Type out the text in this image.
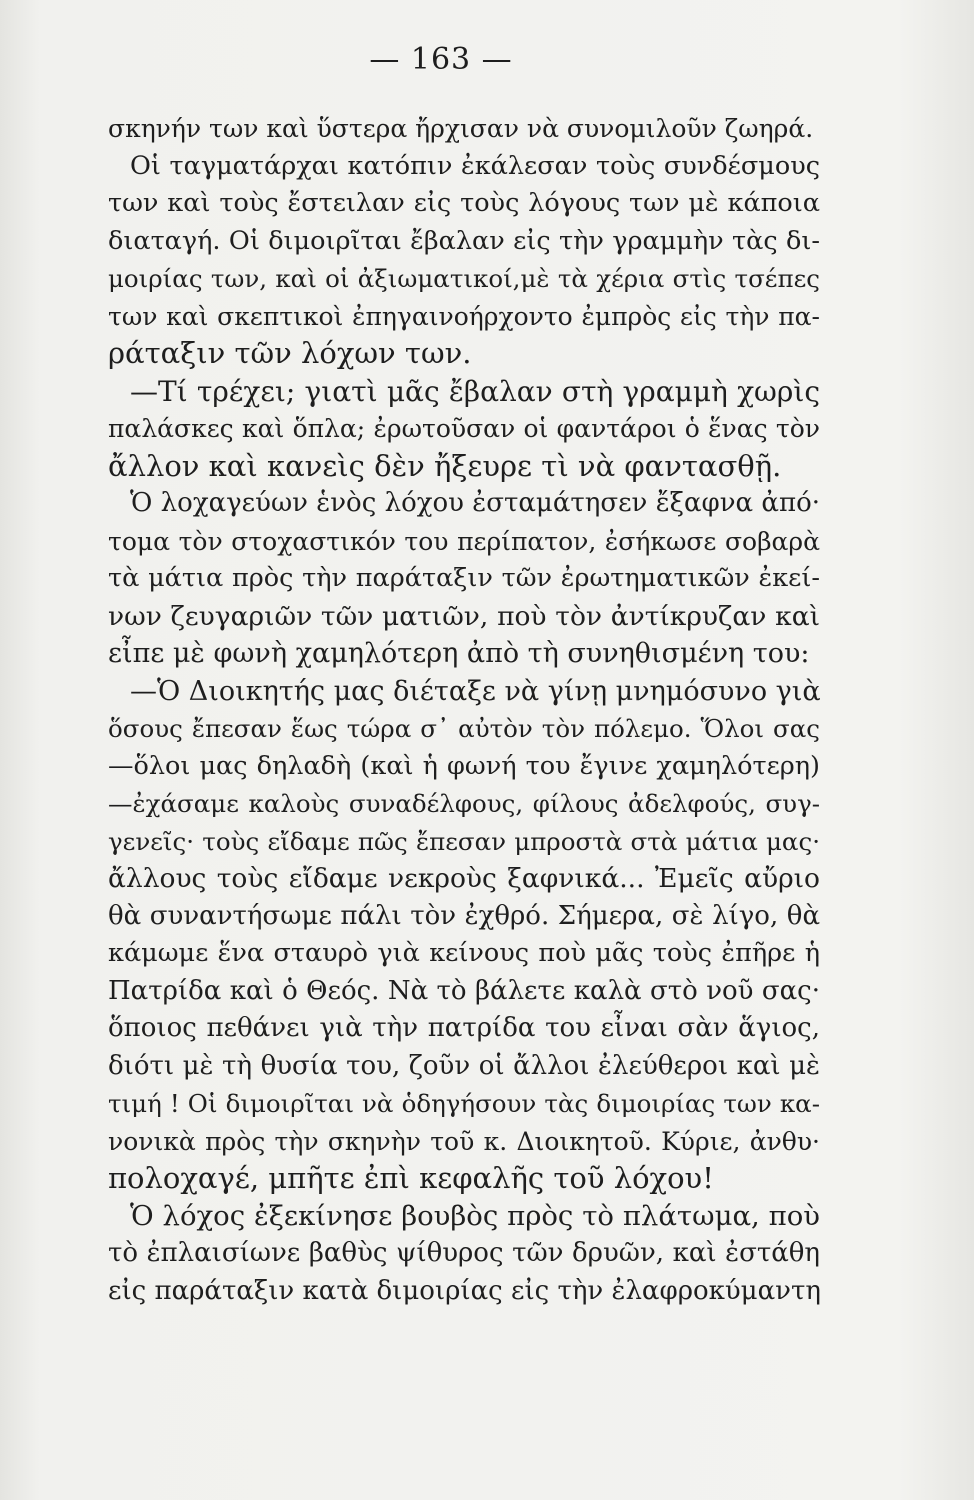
— 163 —
σκηνήν των καὶ ὕστερα ἤρχισαν νὰ συνομιλοῦν ζωηρά.
Οἱ ταγματάρχαι κατόπιν ἐκάλεσαν τοὺς συνδέσμους
των καὶ τοὺς ἔστειλαν εἰς τοὺς λόγους των μὲ κάποια
διαταγή. Οἱ διμοιρῖται ἔβαλαν εἰς τὴν γραμμὴν τὰς δι-
μοιρίας των, καὶ οἱ ἀξιωματικοί,μὲ τὰ χέρια στὶς τσέπες
των καὶ σκεπτικοὶ ἐπηγαινοήρχοντο ἐμπρὸς εἰς τὴν πα-
ράταξιν τῶν λόχων των.
—Τί τρέχει; γιατὶ μᾶς ἔβαλαν στὴ γραμμὴ χωρὶς
παλάσκες καὶ ὅπλα; ἐρωτοῦσαν οἱ φαντάροι ὁ ἕνας τὸν
ἄλλον καὶ κανεὶς δὲν ἤξευρε τὶ νὰ φαντασθῇ.
Ὁ λοχαγεύων ἑνὸς λόχου ἐσταμάτησεν ἔξαφνα ἀπό·
τομα τὸν στοχαστικόν του περίπατον, ἐσήκωσε σοβαρὰ
τὰ μάτια πρὸς τὴν παράταξιν τῶν ἐρωτηματικῶν ἐκεί-
νων ζευγαριῶν τῶν ματιῶν, ποὺ τὸν ἀντίκρυζαν καὶ
εἶπε μὲ φωνὴ χαμηλότερη ἀπὸ τὴ συνηθισμένη του:
—Ὁ Διοικητής μας διέταξε νὰ γίνῃ μνημόσυνο γιὰ
ὅσους ἔπεσαν ἕως τώρα σ᾽ αὐτὸν τὸν πόλεμο. Ὅλοι σας
—ὅλοι μας δηλαδὴ (καὶ ἡ φωνή του ἔγινε χαμηλότερη)
—ἐχάσαμε καλοὺς συναδέλφους, φίλους ἀδελφούς, συγ-
γενεῖς· τοὺς εἴδαμε πῶς ἔπεσαν μπροστὰ στὰ μάτια μας·
ἄλλους τοὺς εἴδαμε νεκροὺς ξαφνικά... Ἐμεῖς αὔριο
θὰ συναντήσωμε πάλι τὸν ἐχθρό. Σήμερα, σὲ λίγο, θὰ
κάμωμε ἕνα σταυρὸ γιὰ κείνους ποὺ μᾶς τοὺς ἐπῆρε ἡ
Πατρίδα καὶ ὁ Θεός. Νὰ τὸ βάλετε καλὰ στὸ νοῦ σας·
ὅποιος πεθάνει γιὰ τὴν πατρίδα του εἶναι σὰν ἅγιος,
διότι μὲ τὴ θυσία του, ζοῦν οἱ ἄλλοι ἐλεύθεροι καὶ μὲ
τιμή ! Οἱ διμοιρῖται νὰ ὁδηγήσουν τὰς διμοιρίας των κα-
νονικὰ πρὸς τὴν σκηνὴν τοῦ κ. Διοικητοῦ. Κύριε, ἀνθυ·
πολοχαγέ, μπῆτε ἐπὶ κεφαλῆς τοῦ λόχου!
Ὁ λόχος ἐξεκίνησε βουβὸς πρὸς τὸ πλάτωμα, ποὺ
τὸ ἐπλαισίωνε βαθὺς ψίθυρος τῶν δρυῶν, καὶ ἐστάθη
εἰς παράταξιν κατὰ διμοιρίας εἰς τὴν ἐλαφροκύμαντη
